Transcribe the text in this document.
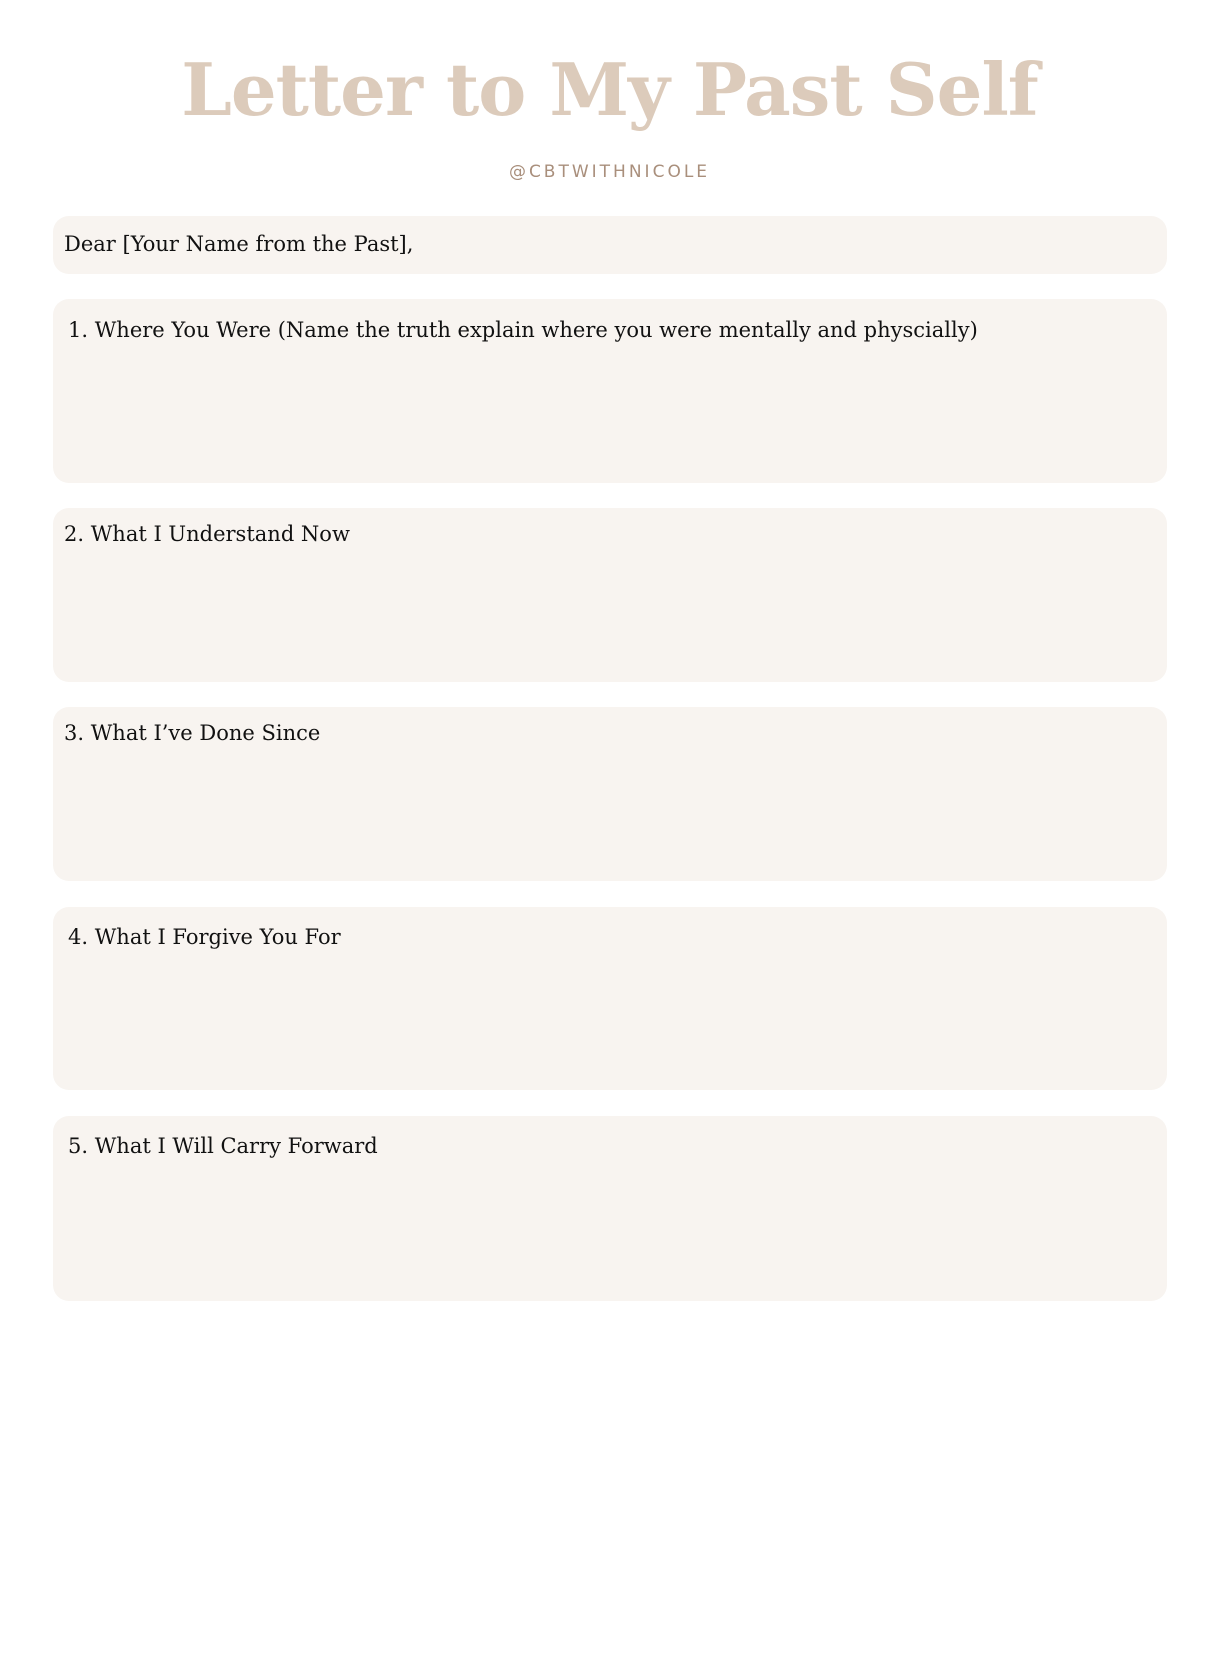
Letter to My Past Self
@CBTWITHNICOLE
Dear [Your Name from the Past],
1. Where You Were (Name the truth explain where you were mentally and physcially)
2. What I Understand Now
3. What I’ve Done Since
4. What I Forgive You For
5. What I Will Carry Forward
